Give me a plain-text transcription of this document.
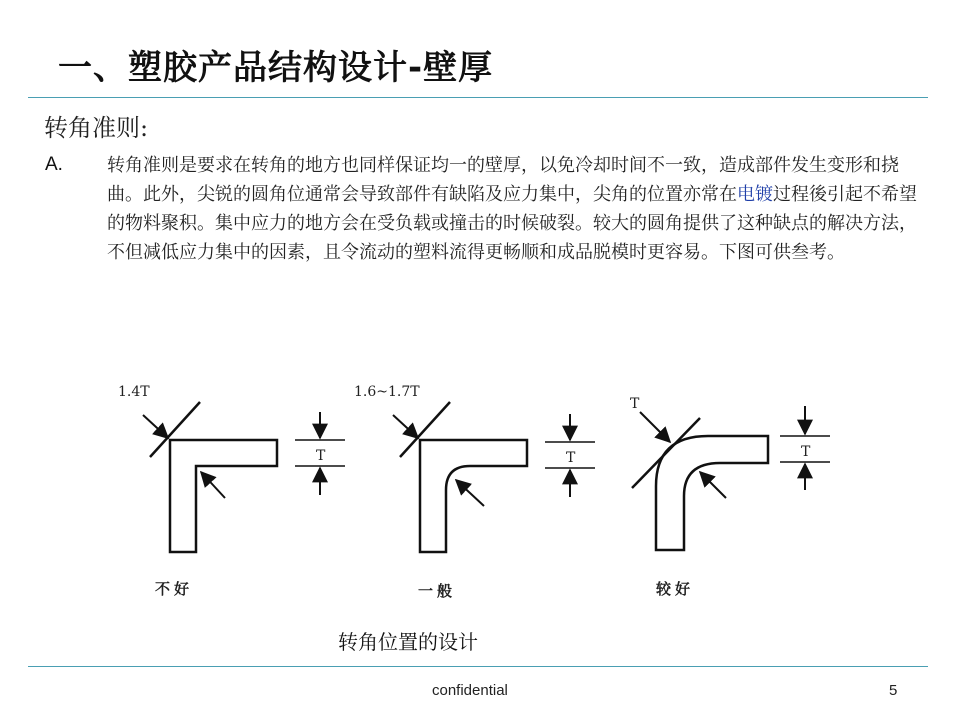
一、塑胶产品结构设计-壁厚
转角准则:
A. 转角准则是要求在转角的地方也同样保证均一的壁厚，以免冷却时间不一致，造成部件发生变形和挠曲。此外，尖锐的圆角位通常会导致部件有缺陷及应力集中，尖角的位置亦常在电镀过程後引起不希望的物料聚积。集中应力的地方会在受负载或撞击的时候破裂。较大的圆角提供了这种缺点的解决方法，不但减低应力集中的因素，且令流动的塑料流得更畅顺和成品脱模时更容易。下图可供叁考。
1.4T
T
不好
1.6~1.7T
T
一般
T
T
较好
转角位置的设计
confidential	5
